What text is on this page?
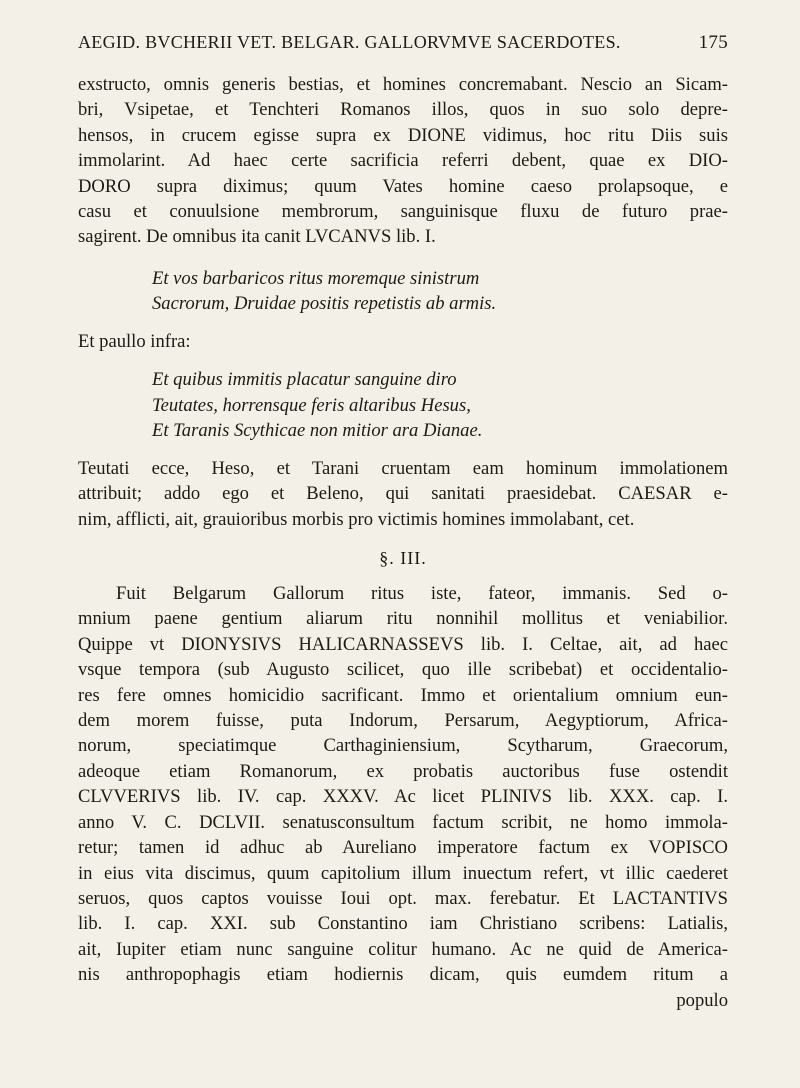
AEGID. BVCHERII VET. BELGAR. GALLORVMVE SACERDOTES.	175

exstructo, omnis generis bestias, et homines concremabant. Nescio an Sicam-
bri, Vsipetae, et Tenchteri Romanos illos, quos in suo solo depre-
hensos, in crucem egisse supra ex DIONE vidimus, hoc ritu Diis suis
immolarint. Ad haec certe sacrificia referri debent, quae ex DIO-
DORO supra diximus; quum Vates homine caeso prolapsoque, e
casu et conuulsione membrorum, sanguinisque fluxu de futuro prae-
sagirent. De omnibus ita canit LVCANVS lib. I.

Et vos barbaricos ritus moremque sinistrum
Sacrorum, Druidae positis repetistis ab armis.
Et paullo infra:
Et quibus immitis placatur sanguine diro
Teutates, horrensque feris altaribus Hesus,
Et Taranis Scythicae non mitior ara Dianae.

Teutati ecce, Heso, et Tarani cruentam eam hominum immolationem
attribuit; addo ego et Beleno, qui sanitati praesidebat. CAESAR e-
nim, afflicti, ait, grauioribus morbis pro victimis homines immolabant, cet.

§. III.

Fuit Belgarum Gallorum ritus iste, fateor, immanis. Sed o-
mnium paene gentium aliarum ritu nonnihil mollitus et veniabilior.
Quippe vt DIONYSIVS HALICARNASSEVS lib. I. Celtae, ait, ad haec
vsque tempora (sub Augusto scilicet, quo ille scribebat) et occidentalio-
res fere omnes homicidio sacrificant. Immo et orientalium omnium eun-
dem morem fuisse, puta Indorum, Persarum, Aegyptiorum, Africa-
norum, speciatimque Carthaginiensium, Scytharum, Graecorum,
adeoque etiam Romanorum, ex probatis auctoribus fuse ostendit
CLVVERIVS lib. IV. cap. XXXV. Ac licet PLINIVS lib. XXX. cap. I.
anno V. C. DCLVII. senatusconsultum factum scribit, ne homo immola-
retur; tamen id adhuc ab Aureliano imperatore factum ex VOPISCO
in eius vita discimus, quum capitolium illum inuectum refert, vt illic caederet
seruos, quos captos vouisse Ioui opt. max. ferebatur. Et LACTANTIVS
lib. I. cap. XXI. sub Constantino iam Christiano scribens: Latialis,
ait, Iupiter etiam nunc sanguine colitur humano. Ac ne quid de America-
nis anthropophagis etiam hodiernis dicam, quis eumdem ritum a
populo
